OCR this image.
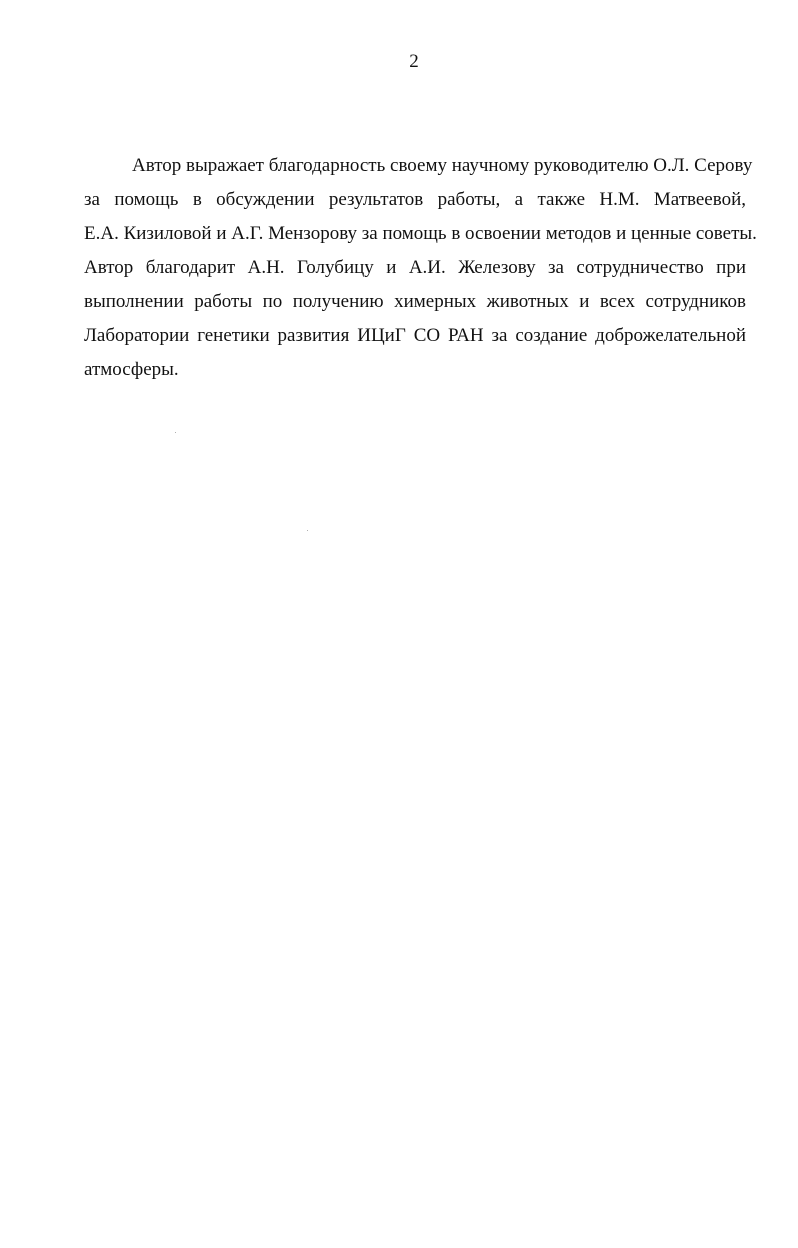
2
Автор выражает благодарность своему научному руководителю О.Л. Серову
за помощь в обсуждении результатов работы, а также Н.М. Матвеевой,
Е.А. Кизиловой и А.Г. Мензорову за помощь в освоении методов и ценные советы.
Автор благодарит А.Н. Голубицу и А.И. Железову за сотрудничество при
выполнении работы по получению химерных животных и всех сотрудников
Лаборатории генетики развития ИЦиГ СО РАН за создание доброжелательной
атмосферы.
